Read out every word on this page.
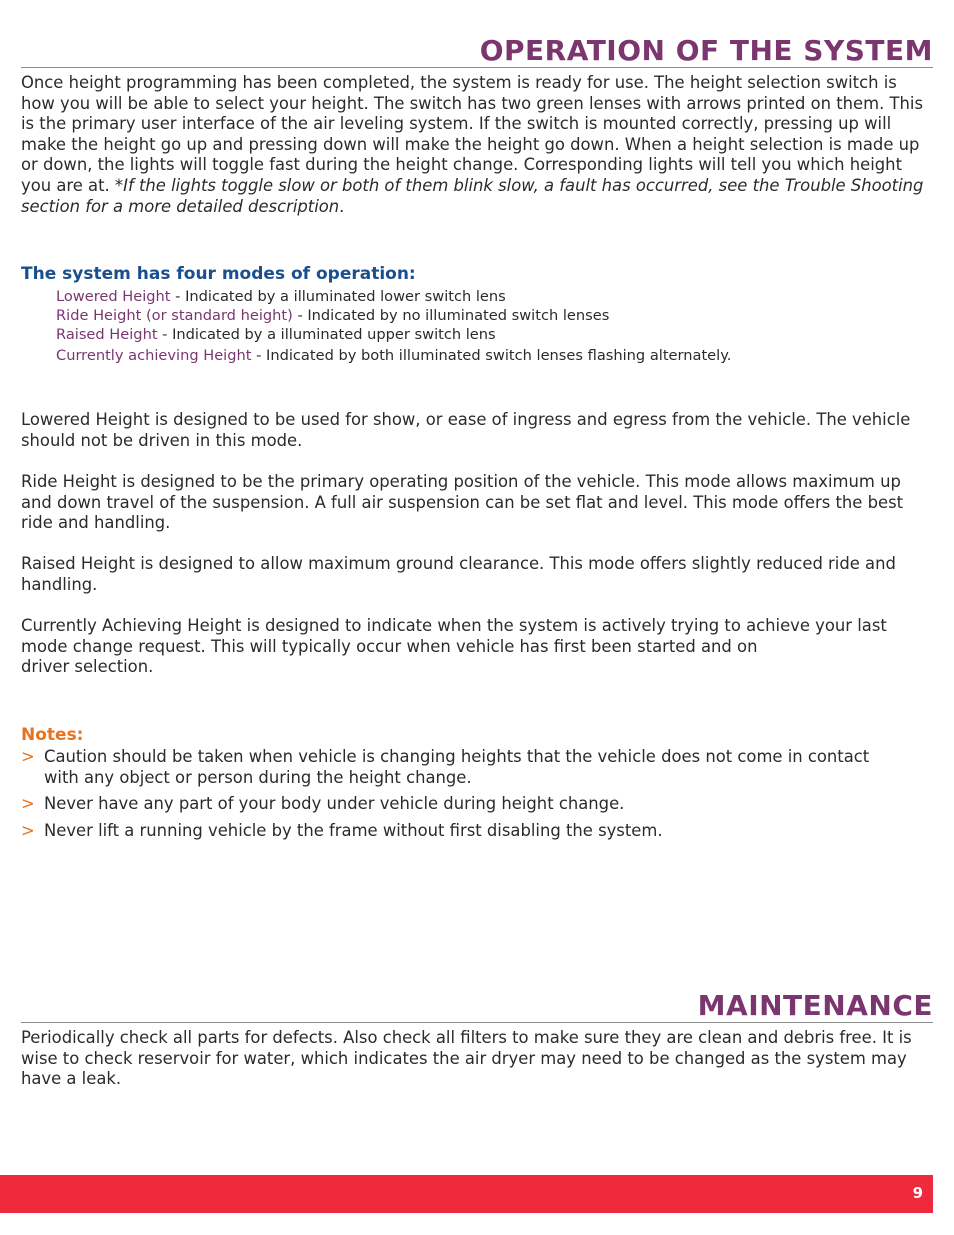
OPERATION OF THE SYSTEM

Once height programming has been completed, the system is ready for use. The height selection switch is how you will be able to select your height. The switch has two green lenses with arrows printed on them. This is the primary user interface of the air leveling system. If the switch is mounted correctly, pressing up will make the height go up and pressing down will make the height go down. When a height selection is made up or down, the lights will toggle fast during the height change. Corresponding lights will tell you which height you are at. *If the lights toggle slow or both of them blink slow, a fault has occurred, see the Trouble Shooting section for a more detailed description.

The system has four modes of operation:
Lowered Height - Indicated by a illuminated lower switch lens
Ride Height (or standard height) - Indicated by no illuminated switch lenses
Raised Height - Indicated by a illuminated upper switch lens
Currently achieving Height - Indicated by both illuminated switch lenses flashing alternately.

Lowered Height is designed to be used for show, or ease of ingress and egress from the vehicle. The vehicle should not be driven in this mode.

Ride Height is designed to be the primary operating position of the vehicle. This mode allows maximum up and down travel of the suspension. A full air suspension can be set flat and level. This mode offers the best ride and handling.

Raised Height is designed to allow maximum ground clearance. This mode offers slightly reduced ride and handling.

Currently Achieving Height is designed to indicate when the system is actively trying to achieve your last mode change request. This will typically occur when vehicle has first been started and on
driver selection.

Notes:
> Caution should be taken when vehicle is changing heights that the vehicle does not come in contact with any object or person during the height change.
> Never have any part of your body under vehicle during height change.
> Never lift a running vehicle by the frame without first disabling the system.
MAINTENANCE

Periodically check all parts for defects. Also check all filters to make sure they are clean and debris free. It is wise to check reservoir for water, which indicates the air dryer may need to be changed as the system may have a leak.

9
